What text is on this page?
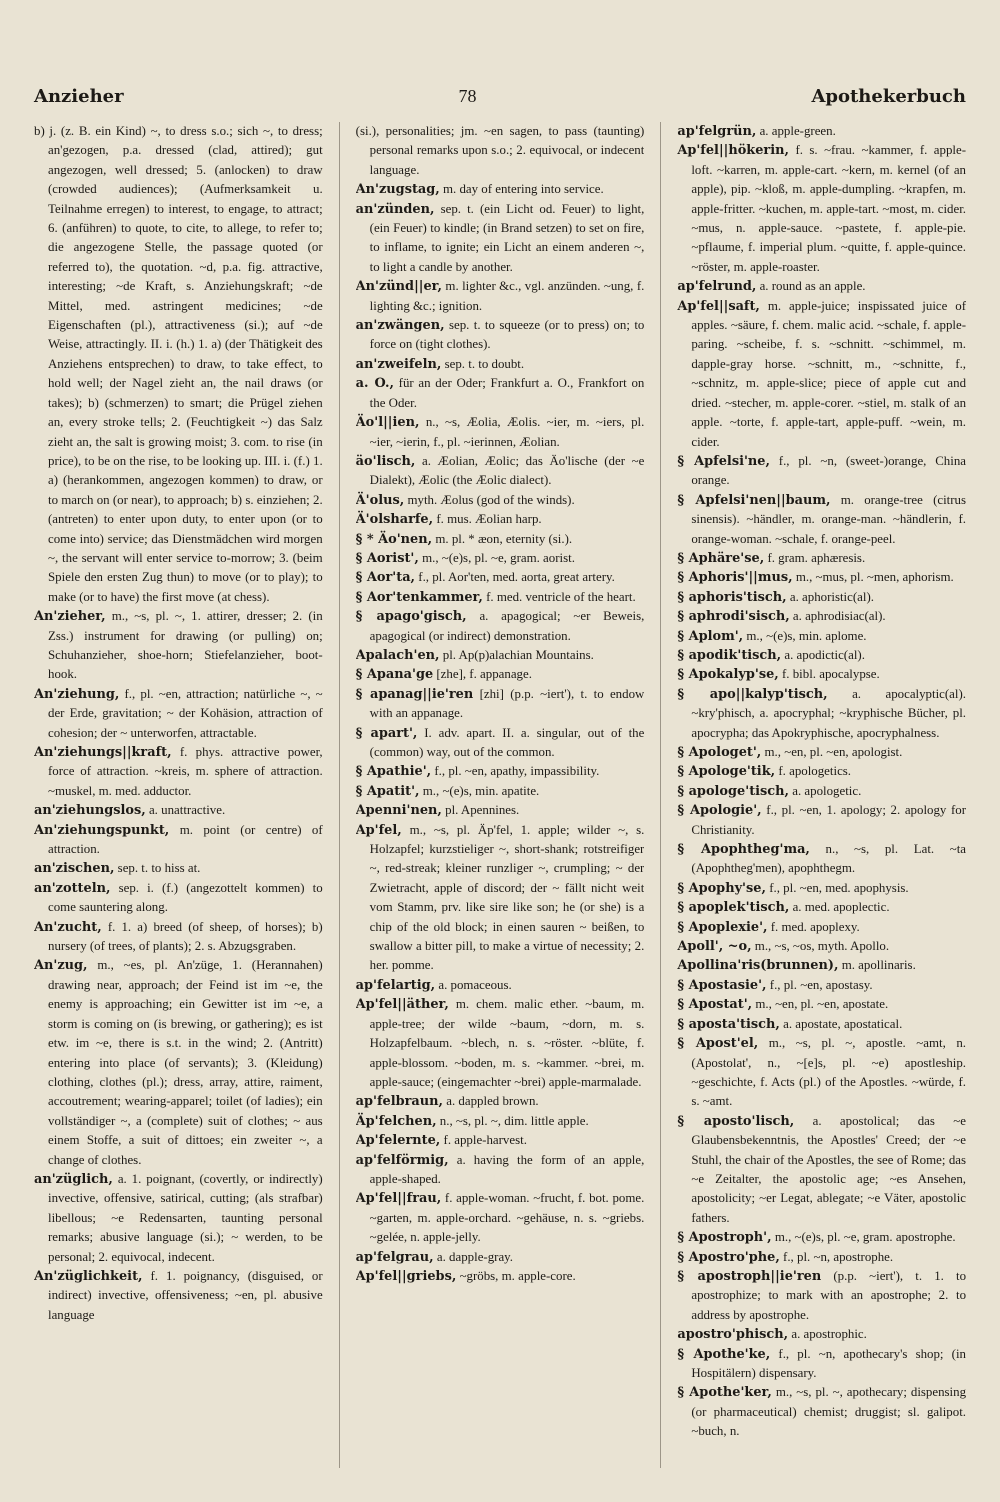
Anzieher	78	Apothekerbuch

b) j. (z. B. ein Kind) ~, to dress s.o.; sich ~, to dress; an'gezogen, p.a. dressed (clad, attired); gut angezogen, well dressed; 5. (anlocken) to draw (crowded audiences); (Aufmerksamkeit u. Teilnahme erregen) to interest, to engage, to attract; 6. (anführen) to quote, to cite, to allege, to refer to; die angezogene Stelle, the passage quoted (or referred to), the quotation. ~d, p.a. fig. attractive, interesting; ~de Kraft, s. Anziehungskraft; ~de Mittel, med. astringent medicines; ~de Eigenschaften (pl.), attractiveness (si.); auf ~de Weise, attractingly. II. i. (h.) 1. a) (der Thätigkeit des Anziehens entsprechen) to draw, to take effect, to hold well; der Nagel zieht an, the nail draws (or takes); b) (schmerzen) to smart; die Prügel ziehen an, every stroke tells; 2. (Feuchtigkeit ~) das Salz zieht an, the salt is growing moist; 3. com. to rise (in price), to be on the rise, to be looking up. III. i. (f.) 1. a) (herankommen, angezogen kommen) to draw, or to march on (or near), to approach; b) s. einziehen; 2. (antreten) to enter upon duty, to enter upon (or to come into) service; das Dienstmädchen wird morgen ~, the servant will enter service to-morrow; 3. (beim Spiele den ersten Zug thun) to move (or to play); to make (or to have) the first move (at chess).

An'zieher, m., ~s, pl. ~, 1. attirer, dresser; 2. (in Zss.) instrument for drawing (or pulling) on; Schuhanzieher, shoe-horn; Stiefelanzieher, boot-hook.

An'ziehung, f., pl. ~en, attraction; natürliche ~, ~ der Erde, gravitation; ~ der Kohäsion, attraction of cohesion; der ~ unterworfen, attractable.

An'ziehungs||kraft, f. phys. attractive power, force of attraction. ~kreis, m. sphere of attraction. ~muskel, m. med. adductor.

an'ziehungslos, a. unattractive.

An'ziehungspunkt, m. point (or centre) of attraction.

an'zischen, sep. t. to hiss at.

an'zotteln, sep. i. (f.) (angezottelt kommen) to come sauntering along.

An'zucht, f. 1. a) breed (of sheep, of horses); b) nursery (of trees, of plants); 2. s. Abzugsgraben.

An'zug, m., ~es, pl. An'züge, 1. (Herannahen) drawing near, approach; der Feind ist im ~e, the enemy is approaching; ein Gewitter ist im ~e, a storm is coming on (is brewing, or gathering); es ist etw. im ~e, there is s.t. in the wind; 2. (Antritt) entering into place (of servants); 3. (Kleidung) clothing, clothes (pl.); dress, array, attire, raiment, accoutrement; wearing-apparel; toilet (of ladies); ein vollständiger ~, a (complete) suit of clothes; ~ aus einem Stoffe, a suit of dittoes; ein zweiter ~, a change of clothes.

an'züglich, a. 1. poignant, (covertly, or indirectly) invective, offensive, satirical, cutting; (als strafbar) libellous; ~e Redensarten, taunting personal remarks; abusive language (si.); ~ werden, to be personal; 2. equivocal, indecent.

An'züglichkeit, f. 1. poignancy, (disguised, or indirect) invective, offensiveness; ~en, pl. abusive language

(si.), personalities; jm. ~en sagen, to pass (taunting) personal remarks upon s.o.; 2. equivocal, or indecent language.

An'zugstag, m. day of entering into service.

an'zünden, sep. t. (ein Licht od. Feuer) to light, (ein Feuer) to kindle; (in Brand setzen) to set on fire, to inflame, to ignite; ein Licht an einem anderen ~, to light a candle by another.

An'zünd||er, m. lighter &c., vgl. anzünden. ~ung, f. lighting &c.; ignition.

an'zwängen, sep. t. to squeeze (or to press) on; to force on (tight clothes).

an'zweifeln, sep. t. to doubt.

a. O., für an der Oder; Frankfurt a. O., Frankfort on the Oder.

Äo'l||ien, n., ~s, Æolia, Æolis. ~ier, m. ~iers, pl. ~ier, ~ierin, f., pl. ~ierinnen, Æolian.

äo'lisch, a. Æolian, Æolic; das Äo'lische (der ~e Dialekt), Æolic (the Æolic dialect).

Ä'olus, myth. Æolus (god of the winds).

Ä'olsharfe, f. mus. Æolian harp.

§ * Äo'nen, m. pl. * æon, eternity (si.).

§ Aorist', m., ~(e)s, pl. ~e, gram. aorist.

§ Aor'ta, f., pl. Aor'ten, med. aorta, great artery.

§ Aor'tenkammer, f. med. ventricle of the heart.

§ apago'gisch, a. apagogical; ~er Beweis, apagogical (or indirect) demonstration.

Apalach'en, pl. Ap(p)alachian Mountains.

§ Apana'ge [zhe], f. appanage.

§ apanag||ie'ren [zhi] (p.p. ~iert'), t. to endow with an appanage.

§ apart', I. adv. apart. II. a. singular, out of the (common) way, out of the common.

§ Apathie', f., pl. ~en, apathy, impassibility.

§ Apatit', m., ~(e)s, min. apatite.

Apenni'nen, pl. Apennines.

Ap'fel, m., ~s, pl. Äp'fel, 1. apple; wilder ~, s. Holzapfel; kurzstieliger ~, short-shank; rotstreifiger ~, red-streak; kleiner runzliger ~, crumpling; ~ der Zwietracht, apple of discord; der ~ fällt nicht weit vom Stamm, prv. like sire like son; he (or she) is a chip of the old block; in einen sauren ~ beißen, to swallow a bitter pill, to make a virtue of necessity; 2. her. pomme.

ap'felartig, a. pomaceous.

Ap'fel||äther, m. chem. malic ether. ~baum, m. apple-tree; der wilde ~baum, ~dorn, m. s. Holzapfelbaum. ~blech, n. s. ~röster. ~blüte, f. apple-blossom. ~boden, m. s. ~kammer. ~brei, m. apple-sauce; (eingemachter ~brei) apple-marmalade.

ap'felbraun, a. dappled brown.

Äp'felchen, n., ~s, pl. ~, dim. little apple.

Ap'felernte, f. apple-harvest.

ap'felförmig, a. having the form of an apple, apple-shaped.

Ap'fel||frau, f. apple-woman. ~frucht, f. bot. pome. ~garten, m. apple-orchard. ~gehäuse, n. s. ~griebs. ~gelée, n. apple-jelly.

ap'felgrau, a. dapple-gray.

Ap'fel||griebs, ~gröbs, m. apple-core.

ap'felgrün, a. apple-green.

Ap'fel||hökerin, f. s. ~frau. ~kammer, f. apple-loft. ~karren, m. apple-cart. ~kern, m. kernel (of an apple), pip. ~kloß, m. apple-dumpling. ~krapfen, m. apple-fritter. ~kuchen, m. apple-tart. ~most, m. cider. ~mus, n. apple-sauce. ~pastete, f. apple-pie. ~pflaume, f. imperial plum. ~quitte, f. apple-quince. ~röster, m. apple-roaster.

ap'felrund, a. round as an apple.

Ap'fel||saft, m. apple-juice; inspissated juice of apples. ~säure, f. chem. malic acid. ~schale, f. apple-paring. ~scheibe, f. s. ~schnitt. ~schimmel, m. dapple-gray horse. ~schnitt, m., ~schnitte, f., ~schnitz, m. apple-slice; piece of apple cut and dried. ~stecher, m. apple-corer. ~stiel, m. stalk of an apple. ~torte, f. apple-tart, apple-puff. ~wein, m. cider.

§ Apfelsi'ne, f., pl. ~n, (sweet-)orange, China orange.

§ Apfelsi'nen||baum, m. orange-tree (citrus sinensis). ~händler, m. orange-man. ~händlerin, f. orange-woman. ~schale, f. orange-peel.

§ Aphäre'se, f. gram. aphæresis.

§ Aphoris'||mus, m., ~mus, pl. ~men, aphorism.

§ aphoris'tisch, a. aphoristic(al).

§ aphrodi'sisch, a. aphrodisiac(al).

§ Aplom', m., ~(e)s, min. aplome.

§ apodik'tisch, a. apodictic(al).

§ Apokalyp'se, f. bibl. apocalypse.

§ apo||kalyp'tisch, a. apocalyptic(al). ~kry'phisch, a. apocryphal; ~kryphische Bücher, pl. apocrypha; das Apokryphische, apocryphalness.

§ Apologet', m., ~en, pl. ~en, apologist.

§ Apologe'tik, f. apologetics.

§ apologe'tisch, a. apologetic.

§ Apologie', f., pl. ~en, 1. apology; 2. apology for Christianity.

§ Apophtheg'ma, n., ~s, pl. Lat. ~ta (Apophtheg'men), apophthegm.

§ Apophy'se, f., pl. ~en, med. apophysis.

§ apoplek'tisch, a. med. apoplectic.

§ Apoplexie', f. med. apoplexy.

Apoll', ~o, m., ~s, ~os, myth. Apollo.

Apollina'ris(brunnen), m. apollinaris.

§ Apostasie', f., pl. ~en, apostasy.

§ Apostat', m., ~en, pl. ~en, apostate.

§ aposta'tisch, a. apostate, apostatical.

§ Apost'el, m., ~s, pl. ~, apostle. ~amt, n. (Apostolat', n., ~[e]s, pl. ~e) apostleship. ~geschichte, f. Acts (pl.) of the Apostles. ~würde, f. s. ~amt.

§ aposto'lisch, a. apostolical; das ~e Glaubensbekenntnis, the Apostles' Creed; der ~e Stuhl, the chair of the Apostles, the see of Rome; das ~e Zeitalter, the apostolic age; ~es Ansehen, apostolicity; ~er Legat, ablegate; ~e Väter, apostolic fathers.

§ Apostroph', m., ~(e)s, pl. ~e, gram. apostrophe.

§ Apostro'phe, f., pl. ~n, apostrophe.

§ apostroph||ie'ren (p.p. ~iert'), t. 1. to apostrophize; to mark with an apostrophe; 2. to address by apostrophe.

apostro'phisch, a. apostrophic.

§ Apothe'ke, f., pl. ~n, apothecary's shop; (in Hospitälern) dispensary.

§ Apothe'ker, m., ~s, pl. ~, apothecary; dispensing (or pharmaceutical) chemist; druggist; sl. galipot. ~buch, n.
